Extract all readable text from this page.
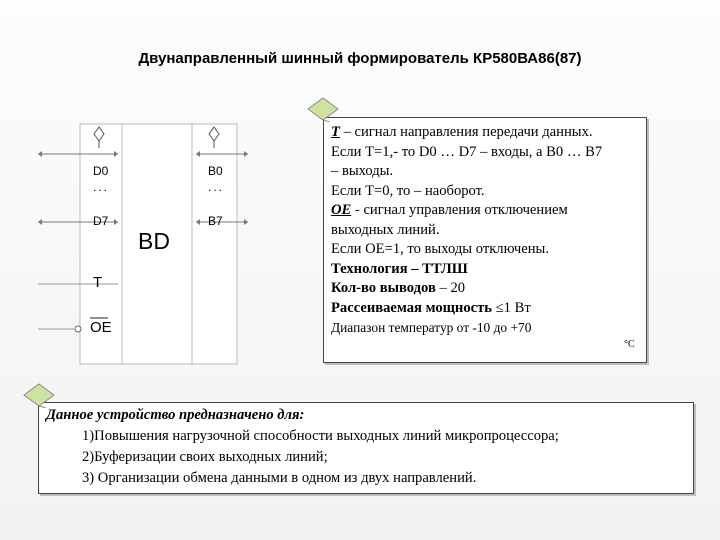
Двунаправленный шинный формирователь КР580ВА86(87)
D0
...
D7
T
OE
B0
...
B7
BD
T – сигнал направления передачи данных.
Если Т=1,- то D0 … D7 – входы, а В0 … В7
– выходы.
Если Т=0, то – наоборот.
OE - сигнал управления отключением
выходных линий.
Если ОЕ=1, то выходы отключены.
Технология – ТТЛШ
Кол-во выводов – 20
Рассеиваемая мощность ≤1 Вт
Диапазон температур от -10 до +70
°C
Данное устройство предназначено для:
1)Повышения нагрузочной способности выходных линий микропроцессора;
2)Буферизации своих выходных линий;
3) Организации обмена данными в одном из двух направлений.
